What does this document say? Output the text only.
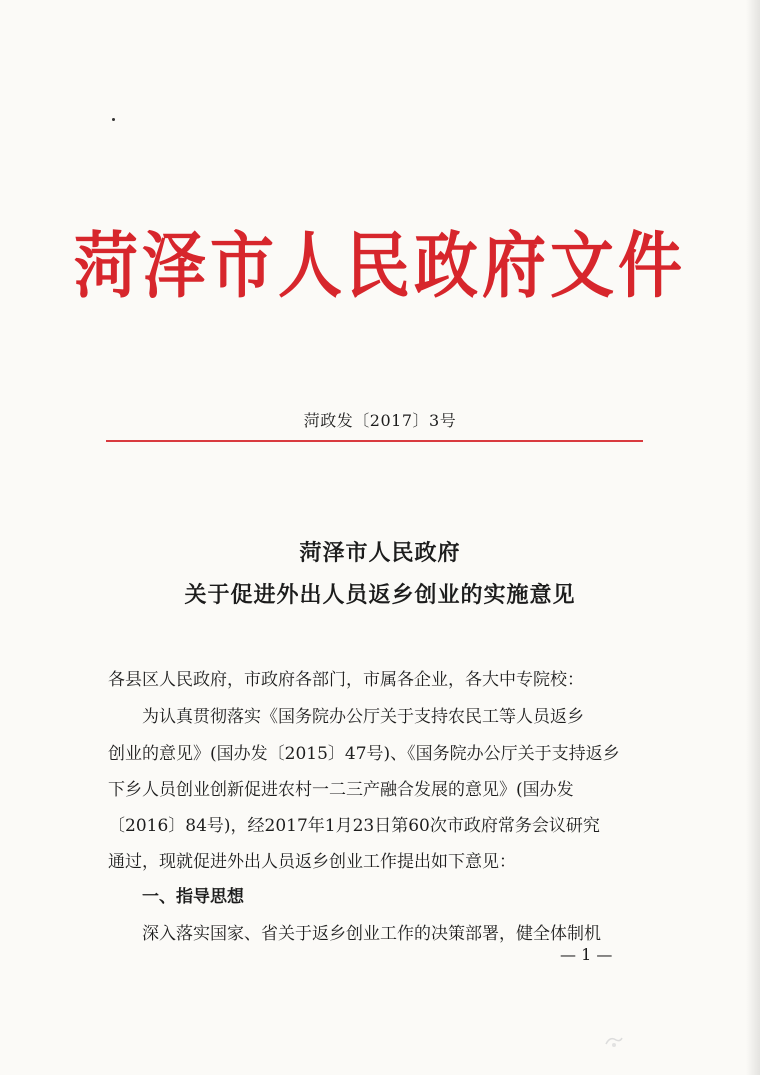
菏泽市人民政府文件
菏政发〔2017〕3号
菏泽市人民政府
关于促进外出人员返乡创业的实施意见
各县区人民政府，市政府各部门，市属各企业，各大中专院校：
为认真贯彻落实《国务院办公厅关于支持农民工等人员返乡
创业的意见》(国办发〔2015〕47号)、《国务院办公厅关于支持返乡
下乡人员创业创新促进农村一二三产融合发展的意见》(国办发
〔2016〕84号)，经2017年1月23日第60次市政府常务会议研究
通过，现就促进外出人员返乡创业工作提出如下意见：
一、指导思想
深入落实国家、省关于返乡创业工作的决策部署，健全体制机
— 1 —
